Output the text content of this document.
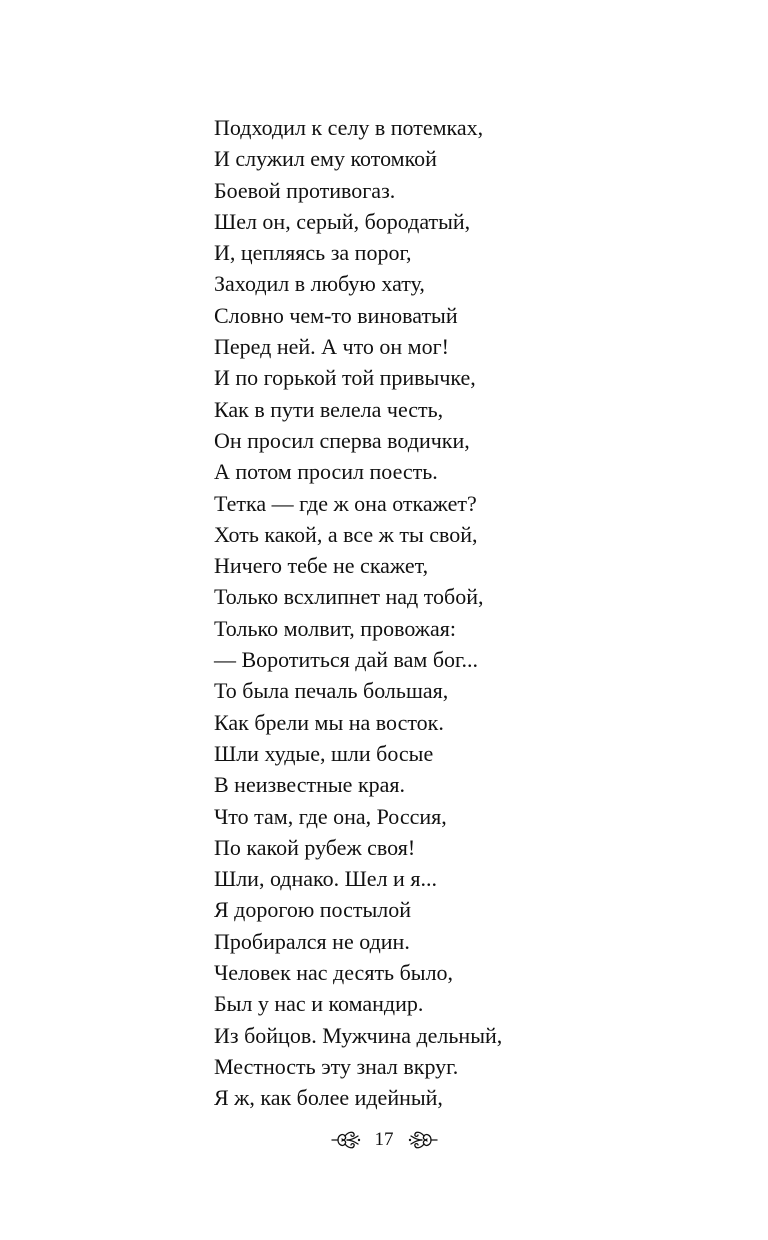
Подходил к селу в потемках,
И служил ему котомкой
Боевой противогаз.
Шел он, серый, бородатый,
И, цепляясь за порог,
Заходил в любую хату,
Словно чем-то виноватый
Перед ней. А что он мог!
И по горькой той привычке,
Как в пути велела честь,
Он просил сперва водички,
А потом просил поесть.
Тетка — где ж она откажет?
Хоть какой, а все ж ты свой,
Ничего тебе не скажет,
Только всхлипнет над тобой,
Только молвит, провожая:
— Воротиться дай вам бог...
То была печаль большая,
Как брели мы на восток.
Шли худые, шли босые
В неизвестные края.
Что там, где она, Россия,
По какой рубеж своя!
Шли, однако. Шел и я...
Я дорогою постылой
Пробирался не один.
Человек нас десять было,
Был у нас и командир.
Из бойцов. Мужчина дельный,
Местность эту знал вкруг.
Я ж, как более идейный,
17
